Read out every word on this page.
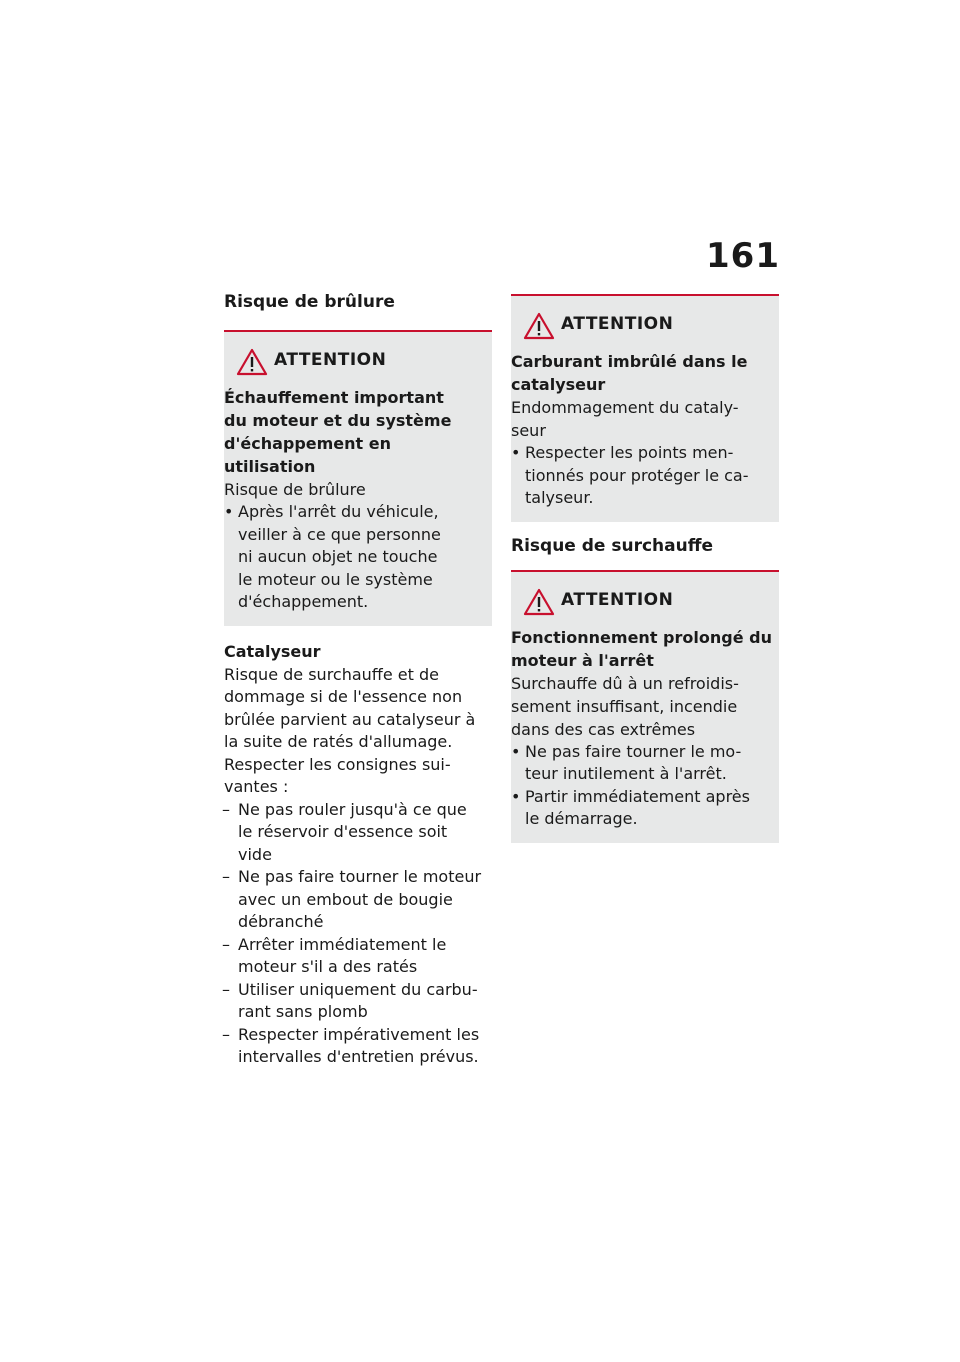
161
Risque de brûlure
ATTENTION
Échauffement important
du moteur et du système
d'échappement en utilisation
Risque de brûlure
• Après l'arrêt du véhicule,
veiller à ce que personne
ni aucun objet ne touche
le moteur ou le système
d'échappement.
Catalyseur
Risque de surchauffe et de
dommage si de l'essence non
brûlée parvient au catalyseur à
la suite de ratés d'allumage.
Respecter les consignes sui-
vantes :
– Ne pas rouler jusqu'à ce que
le réservoir d'essence soit
vide
– Ne pas faire tourner le moteur
avec un embout de bougie
débranché
– Arrêter immédiatement le
moteur s'il a des ratés
– Utiliser uniquement du carbu-
rant sans plomb
– Respecter impérativement les
intervalles d'entretien prévus.
ATTENTION
Carburant imbrûlé dans le
catalyseur
Endommagement du cataly-
seur
• Respecter les points men-
tionnés pour protéger le ca-
talyseur.
Risque de surchauffe
ATTENTION
Fonctionnement prolongé du
moteur à l'arrêt
Surchauffe dû à un refroidis-
sement insuffisant, incendie
dans des cas extrêmes
• Ne pas faire tourner le mo-
teur inutilement à l'arrêt.
• Partir immédiatement après
le démarrage.
